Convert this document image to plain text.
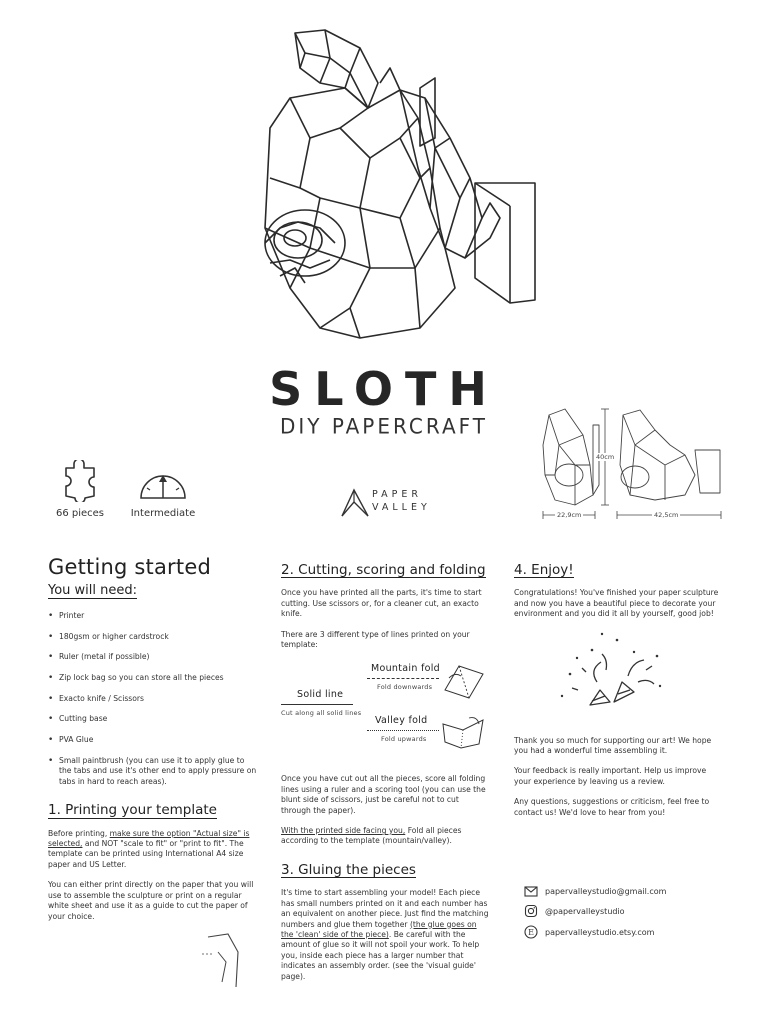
SLOTH
DIY PAPERCRAFT
66 pieces	Intermediate
PAPER
VALLEY
40cm
22,9cm	42,5cm
Getting started
You will need:
• Printer
• 180gsm or higher cardstrock
• Ruler (metal if possible)
• Zip lock bag so you can store all the pieces
• Exacto knife / Scissors
• Cutting base
• PVA Glue
• Small paintbrush (you can use it to apply glue to the tabs and use it's other end to apply pressure on tabs in hard to reach areas).
1. Printing your template

Before printing, make sure the option "Actual size" is selected, and NOT "scale to fit" or "print to fit". The template can be printed using International A4 size paper and US Letter.

You can either print directly on the paper that you will use to assemble the sculpture or print on a regular white sheet and use it as a guide to cut the paper of your choice.

2. Cutting, scoring and folding

Once you have printed all the parts, it's time to start cutting. Use scissors or, for a cleaner cut, an exacto knife.

There are 3 different type of lines printed on your template:

Solid line
Cut along all solid lines
Mountain fold
Fold downwards
Valley fold
Fold upwards

Once you have cut out all the pieces, score all folding lines using a ruler and a scoring tool (you can use the blunt side of scissors, just be careful not to cut through the paper).

With the printed side facing you, Fold all pieces according to the template (mountain/valley).

3. Gluing the pieces

It's time to start assembling your model! Each piece has small numbers printed on it and each number has an equivalent on another piece. Just find the matching numbers and glue them together (the glue goes on the 'clean' side of the piece). Be careful with the amount of glue so it will not spoil your work. To help you, inside each piece has a larger number that indicates an assembly order. (see the 'visual guide' page).

4. Enjoy!

Congratulations! You've finished your paper sculpture and now you have a beautiful piece to decorate your environment and you did it all by yourself, good job!

Thank you so much for supporting our art! We hope you had a wonderful time assembling it.

Your feedback is really important. Help us improve your experience by leaving us a review.

Any questions, suggestions or criticism, feel free to contact us! We'd love to hear from you!

papervalleystudio@gmail.com
@papervalleystudio
E papervalleystudio.etsy.com
